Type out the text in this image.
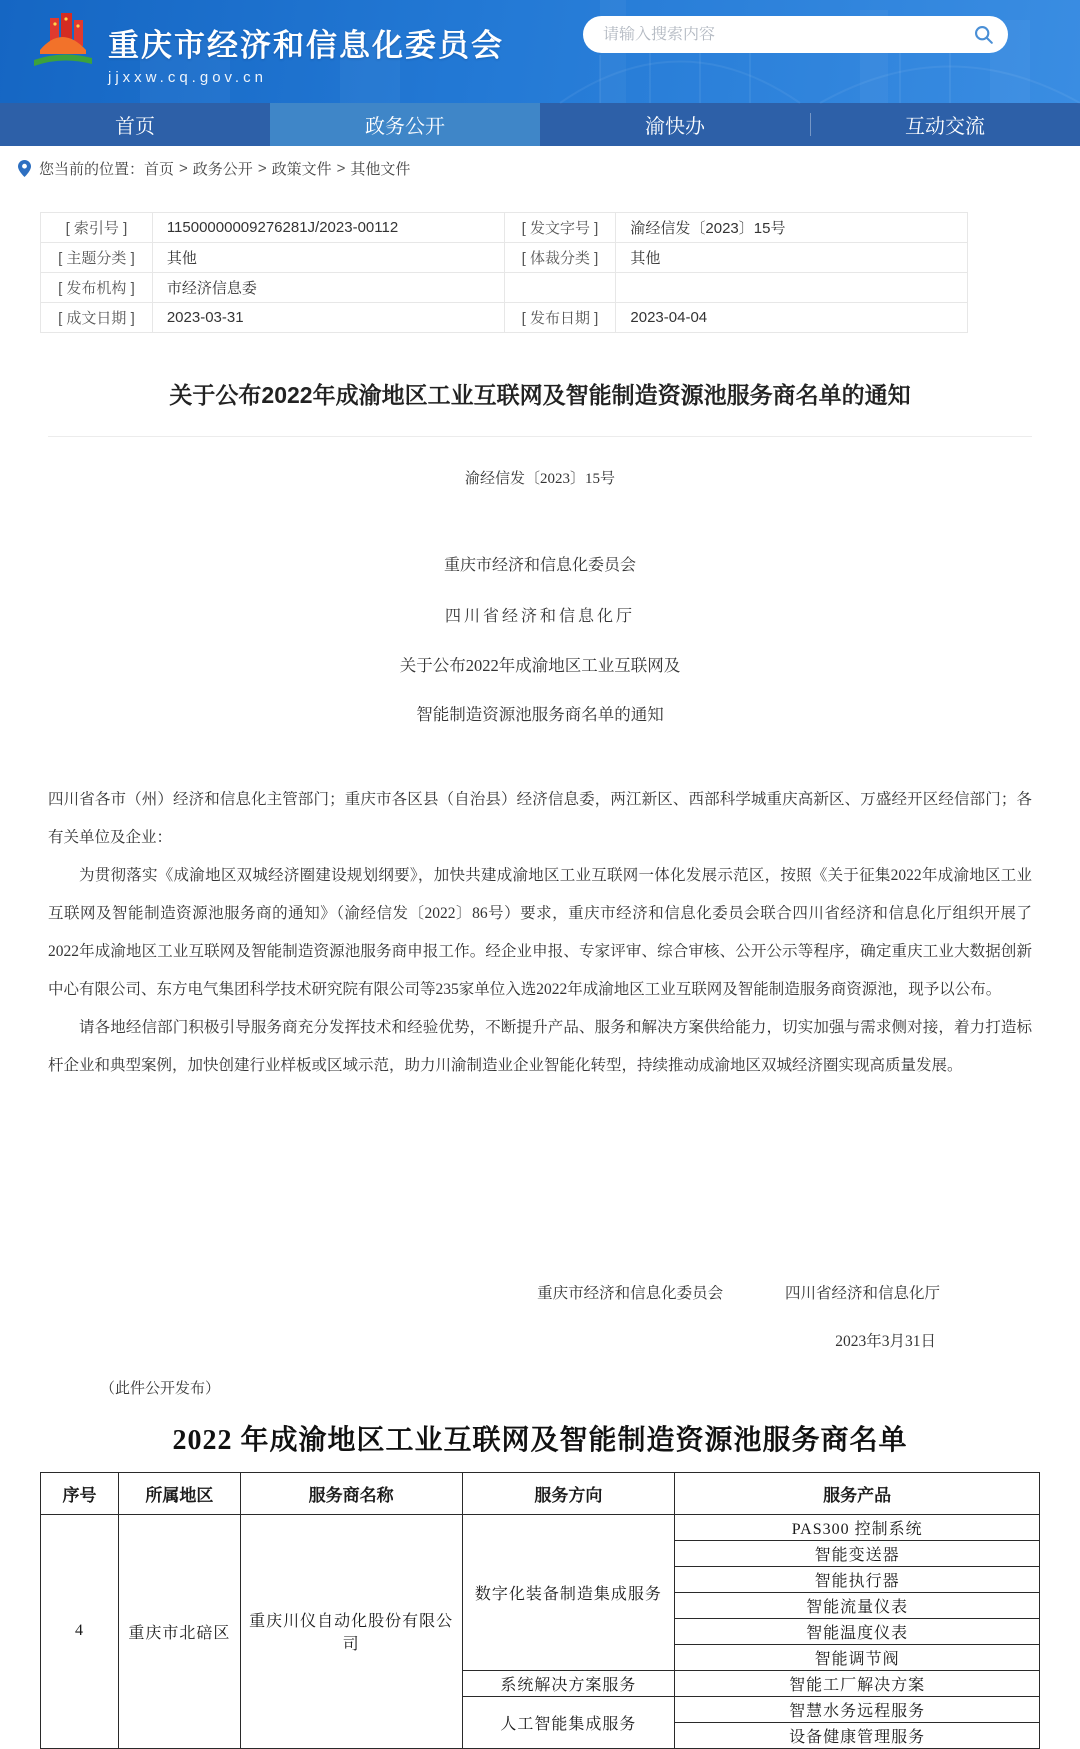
重庆市经济和信息化委员会
jjxxw.cq.gov.cn
请输入搜索内容
首页	政务公开	渝快办	互动交流
您当前的位置： 首页 > 政务公开 > 政策文件 > 其他文件
[ 索引号 ]	11500000009276281J/2023-00112	[ 发文字号 ]	渝经信发〔2023〕15号
[ 主题分类 ]	其他	[ 体裁分类 ]	其他
[ 发布机构 ]	市经济信息委		
[ 成文日期 ]	2023-03-31	[ 发布日期 ]	2023-04-04
关于公布2022年成渝地区工业互联网及智能制造资源池服务商名单的通知
渝经信发〔2023〕15号
重庆市经济和信息化委员会
四川省经济和信息化厅
关于公布2022年成渝地区工业互联网及
智能制造资源池服务商名单的通知

四川省各市（州）经济和信息化主管部门；重庆市各区县（自治县）经济信息委，两江新区、西部科学城重庆高新区、万盛经开区经信部门；各有关单位及企业：

为贯彻落实《成渝地区双城经济圈建设规划纲要》，加快共建成渝地区工业互联网一体化发展示范区，按照《关于征集2022年成渝地区工业互联网及智能制造资源池服务商的通知》（渝经信发〔2022〕86号）要求，重庆市经济和信息化委员会联合四川省经济和信息化厅组织开展了2022年成渝地区工业互联网及智能制造资源池服务商申报工作。经企业申报、专家评审、综合审核、公开公示等程序，确定重庆工业大数据创新中心有限公司、东方电气集团科学技术研究院有限公司等235家单位入选2022年成渝地区工业互联网及智能制造服务商资源池，现予以公布。

请各地经信部门积极引导服务商充分发挥技术和经验优势，不断提升产品、服务和解决方案供给能力，切实加强与需求侧对接，着力打造标杆企业和典型案例，加快创建行业样板或区域示范，助力川渝制造业企业智能化转型，持续推动成渝地区双城经济圈实现高质量发展。

重庆市经济和信息化委员会	四川省经济和信息化厅
2023年3月31日
（此件公开发布）
2022 年成渝地区工业互联网及智能制造资源池服务商名单
序号	所属地区	服务商名称	服务方向	服务产品
4	重庆市北碚区	重庆川仪自动化股份有限公司	数字化装备制造集成服务	PAS300 控制系统
				智能变送器
				智能执行器
				智能流量仪表
				智能温度仪表
				智能调节阀
			系统解决方案服务	智能工厂解决方案
			人工智能集成服务	智慧水务远程服务
				设备健康管理服务
